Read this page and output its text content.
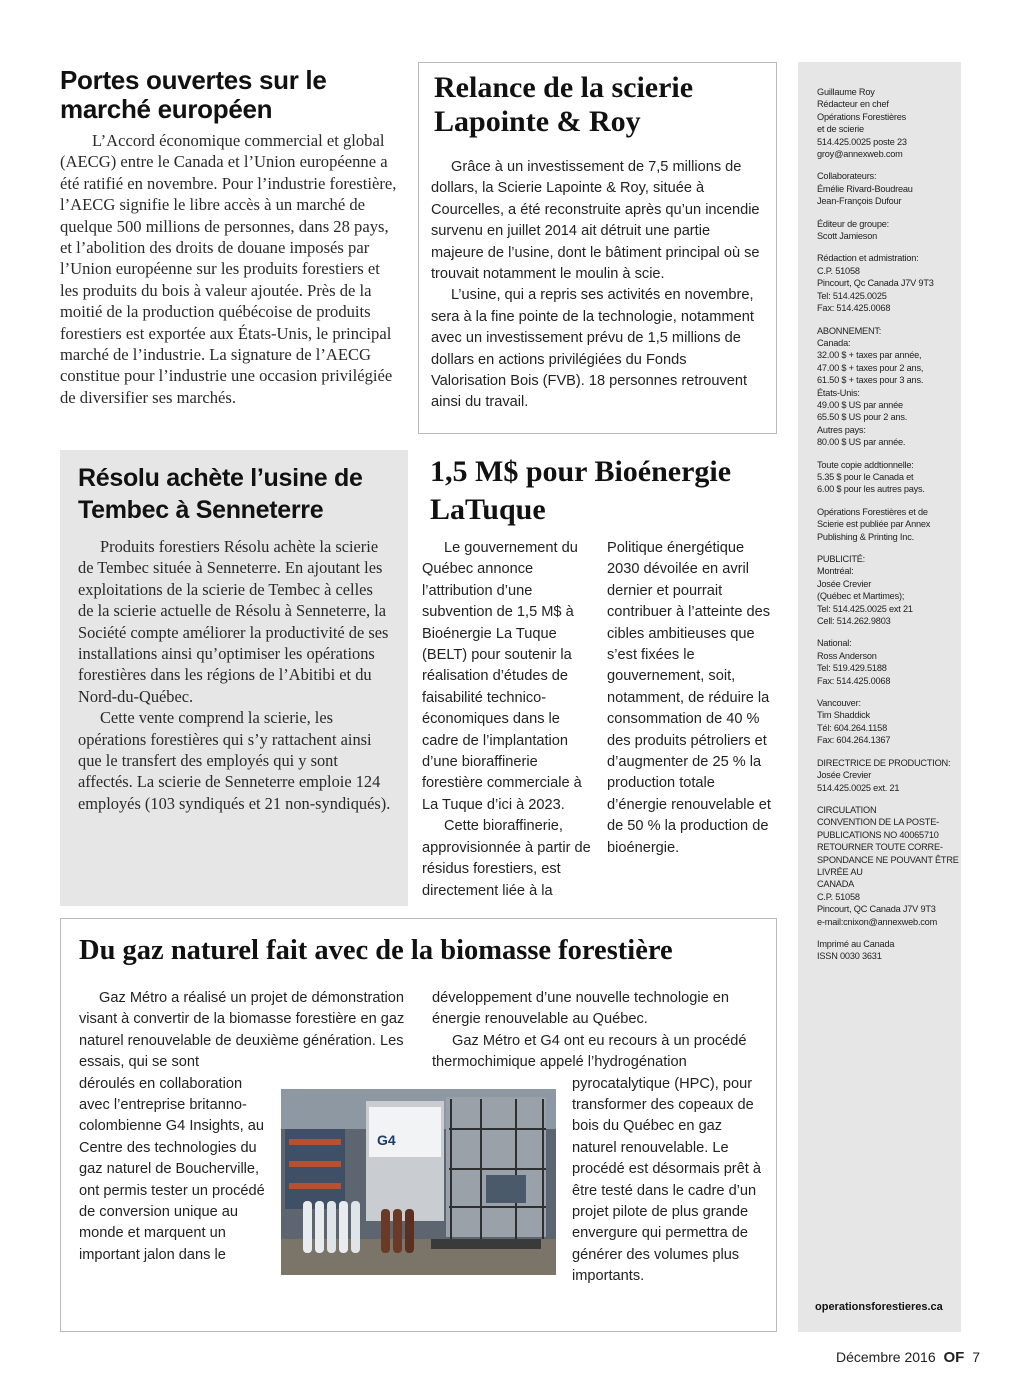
Portes ouvertes sur le marché européen

L’Accord économique commercial et global (AECG) entre le Canada et l’Union européenne a été ratifié en novembre. Pour l’industrie forestière, l’AECG signifie le libre accès à un marché de quelque 500 millions de personnes, dans 28 pays, et l’abolition des droits de douane imposés par l’Union européenne sur les produits forestiers et les produits du bois à valeur ajoutée. Près de la moitié de la production québécoise de produits forestiers est exportée aux États-Unis, le principal marché de l’industrie. La signature de l’AECG constitue pour l’industrie une occasion privilégiée de diversifier ses marchés.

Résolu achète l’usine de Tembec à Senneterre

Produits forestiers Résolu achète la scierie de Tembec située à Senneterre. En ajoutant les exploitations de la scierie de Tembec à celles de la scierie actuelle de Résolu à Senneterre, la Société compte améliorer la productivité de ses installations ainsi qu’optimiser les opérations forestières dans les régions de l’Abitibi et du Nord-du-Québec.

Cette vente comprend la scierie, les opérations forestières qui s’y rattachent ainsi que le transfert des employés qui y sont affectés. La scierie de Senneterre emploie 124 employés (103 syndiqués et 21 non-syndiqués).

Relance de la scierie Lapointe & Roy

Grâce à un investissement de 7,5 millions de dollars, la Scierie Lapointe & Roy, située à Courcelles, a été reconstruite après qu’un incendie survenu en juillet 2014 ait détruit une partie majeure de l’usine, dont le bâtiment principal où se trouvait notamment le moulin à scie.

L’usine, qui a repris ses activités en novembre, sera à la fine pointe de la technologie, notamment avec un investissement prévu de 1,5 millions de dollars en actions privilégiées du Fonds Valorisation Bois (FVB). 18 personnes retrouvent ainsi du travail.

1,5 M$ pour Bioénergie LaTuque

Le gouvernement du Québec annonce l’attribution d’une subvention de 1,5 M$ à Bioénergie La Tuque (BELT) pour soutenir la réalisation d’études de faisabilité technico-économiques dans le cadre de l’implantation d’une bioraffinerie forestière commerciale à La Tuque d’ici à 2023.

Cette bioraffinerie, approvisionnée à partir de résidus forestiers, est directement liée à la

Politique énergétique 2030 dévoilée en avril dernier et pourrait contribuer à l’atteinte des cibles ambitieuses que s’est fixées le gouvernement, soit, notamment, de réduire la consommation de 40 % des produits pétroliers et d’augmenter de 25 % la production totale d’énergie renouvelable et de 50 % la production de bioénergie.

Du gaz naturel fait avec de la biomasse forestière

Gaz Métro a réalisé un projet de démonstration visant à convertir de la biomasse forestière en gaz naturel renouvelable de deuxième génération. Les essais, qui se sont

déroulés en collaboration avec l’entreprise britanno-colombienne G4 Insights, au Centre des technologies du gaz naturel de Boucherville, ont permis tester un procédé de conversion unique au monde et marquent un important jalon dans le

développement d’une nouvelle technologie en énergie renouvelable au Québec.

Gaz Métro et G4 ont eu recours à un procédé thermochimique appelé l’hydrogénation

pyrocatalytique (HPC), pour transformer des copeaux de bois du Québec en gaz naturel renouvelable. Le procédé est désormais prêt à être testé dans le cadre d’un projet pilote de plus grande envergure qui permettra de générer des volumes plus importants.

G4
Guillaume Roy
Rédacteur en chef
Opérations Forestières
et de scierie
514.425.0025 poste 23
groy@annexweb.com
Collaborateurs:
Émélie Rivard-Boudreau
Jean-François Dufour
Éditeur de groupe:
Scott Jamieson
Rédaction et admistration:
C.P. 51058
Pincourt, Qc Canada J7V 9T3
Tel: 514.425.0025
Fax: 514.425.0068
ABONNEMENT:
Canada:
32.00 $ + taxes par année,
47.00 $ + taxes pour 2 ans,
61.50 $ + taxes pour 3 ans.
États-Unis:
49.00 $ US par année
65.50 $ US pour 2 ans.
Autres pays:
80.00 $ US par année.
Toute copie addtionnelle:
5.35 $ pour le Canada et
6.00 $ pour les autres pays.
Opérations Forestières et de
Scierie est publiée par Annex
Publishing & Printing Inc.
PUBLICITÉ:
Montréal:
Josée Crevier
(Québec et Martimes);
Tel: 514.425.0025 ext 21
Cell: 514.262.9803
National:
Ross Anderson
Tel: 519.429.5188
Fax: 514.425.0068
Vancouver:
Tim Shaddick
Tél: 604.264.1158
Fax: 604.264.1367
DIRECTRICE DE PRODUCTION:
Josée Crevier
514.425.0025 ext. 21
CIRCULATION
CONVENTION DE LA POSTE-
PUBLICATIONS NO 40065710
RETOURNER TOUTE CORRE-
SPONDANCE NE POUVANT ÊTRE
LIVRÉE AU
CANADA
C.P. 51058
Pincourt, QC Canada J7V 9T3
e-mail:cnixon@annexweb.com
Imprimé au Canada
ISSN 0030 3631
operationsforestieres.ca
Décembre 2016 OF 7
